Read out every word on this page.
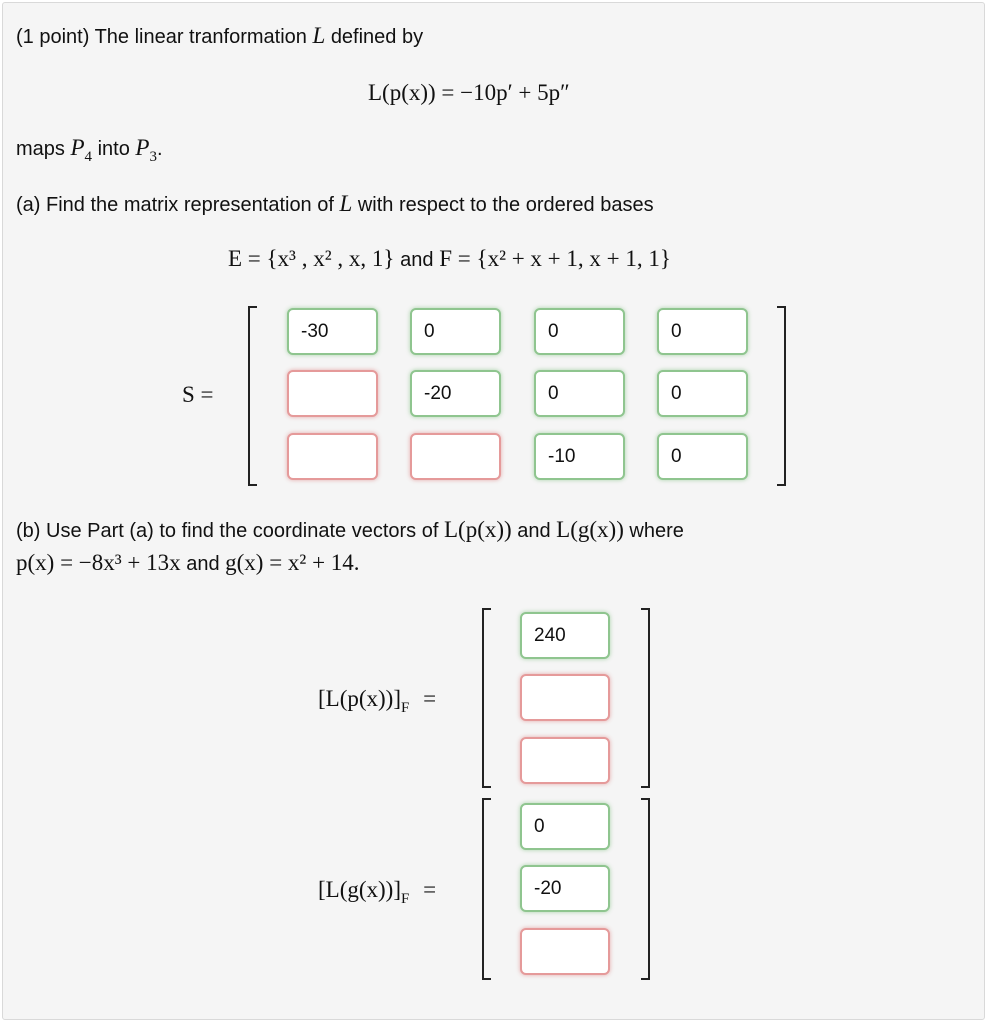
(1 point) The linear tranformation L defined by
L(p(x)) = −10p′ + 5p″
maps $P_4$ into $P_3$.
(a) Find the matrix representation of L with respect to the ordered bases
E = {x³ , x² , x, 1} and F = {x² + x + 1, x + 1, 1}
S =
-30
0
0
0
-20
0
0
-10
0
(b) Use Part (a) to find the coordinate vectors of L(p(x)) and L(g(x)) where
p(x) = −8x³ + 13x and g(x) = x² + 14.
$[L(p(x))]_F$ =
240
$[L(g(x))]_F$ =
0
-20
